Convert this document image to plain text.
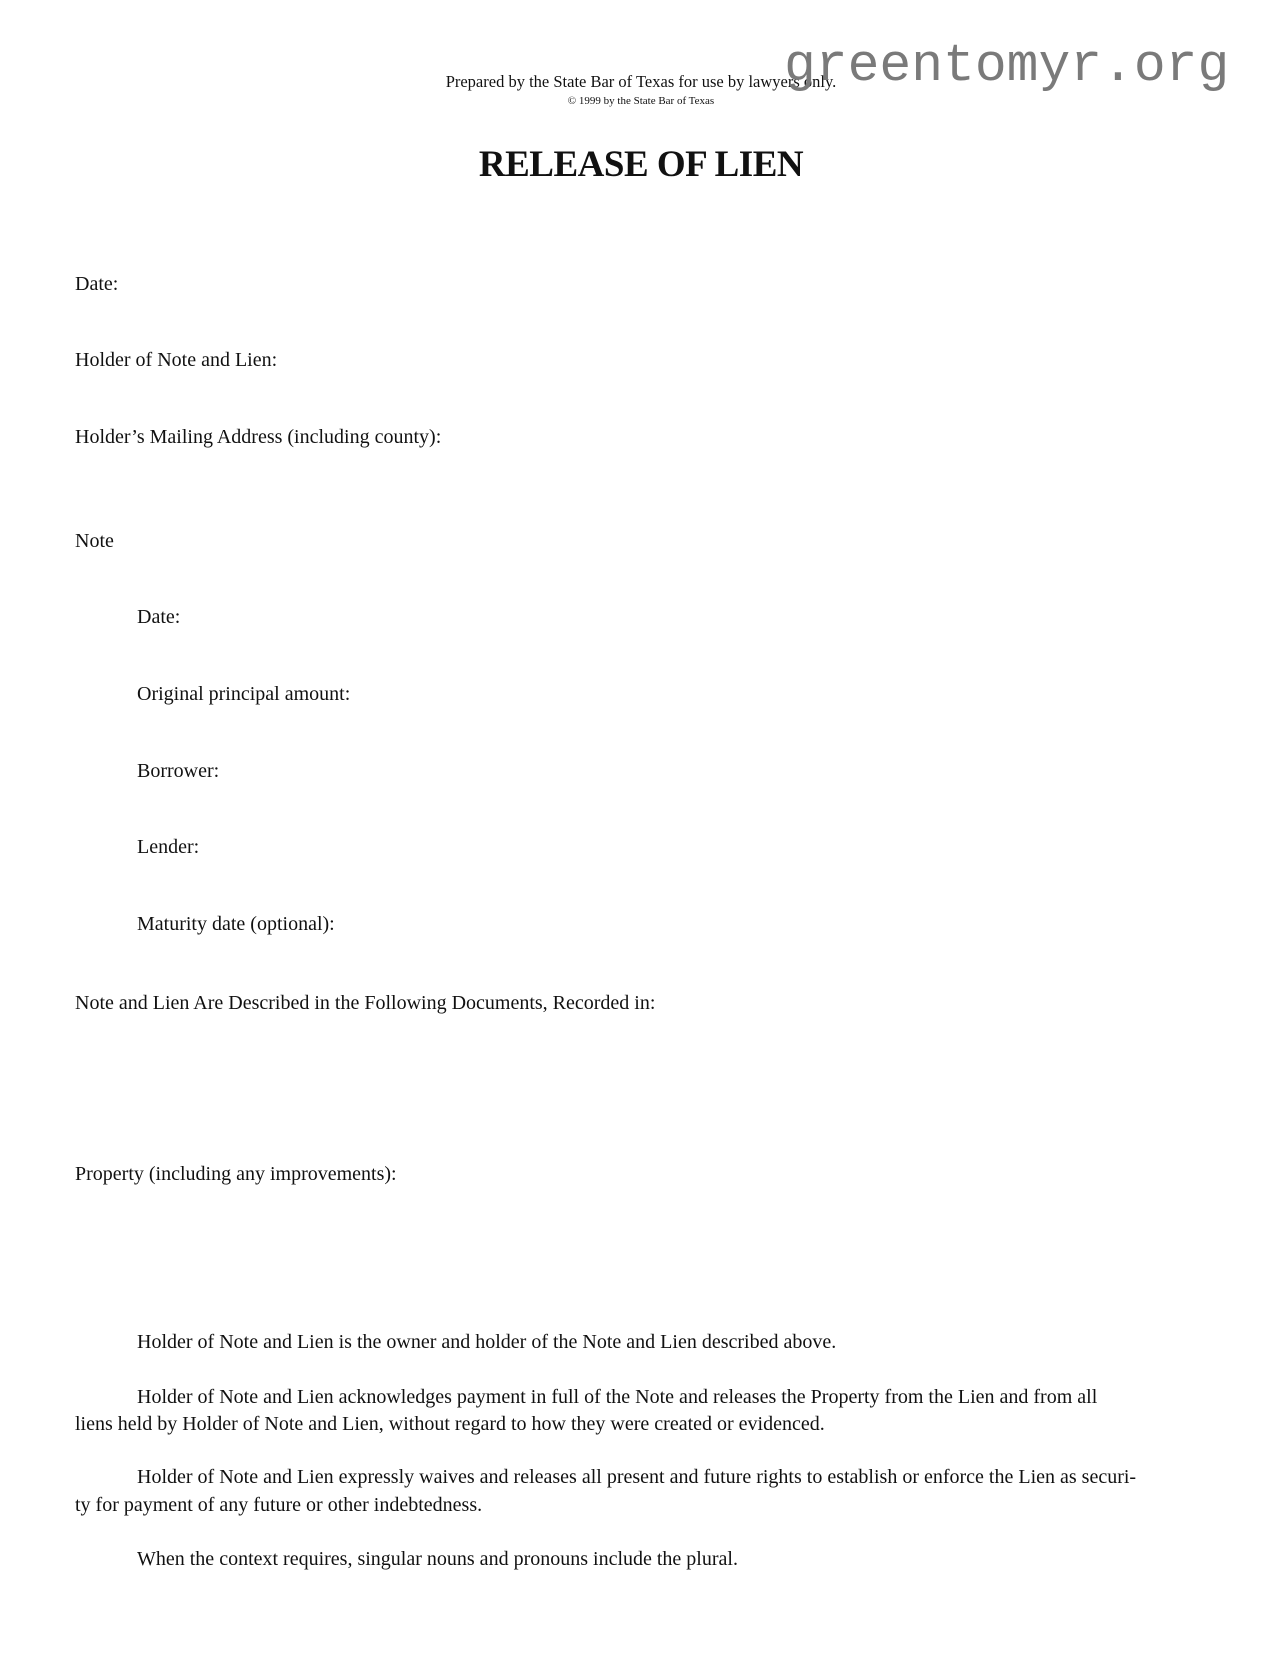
Prepared by the State Bar of Texas for use by lawyers only.
© 1999 by the State Bar of Texas
greentomyr.org
RELEASE OF LIEN
Date:
Holder of Note and Lien:
Holder’s Mailing Address (including county):
Note
Date:
Original principal amount:
Borrower:
Lender:
Maturity date (optional):
Note and Lien Are Described in the Following Documents, Recorded in:
Property (including any improvements):
Holder of Note and Lien is the owner and holder of the Note and Lien described above.
Holder of Note and Lien acknowledges payment in full of the Note and releases the Property from the Lien and from all
liens held by Holder of Note and Lien, without regard to how they were created or evidenced.
Holder of Note and Lien expressly waives and releases all present and future rights to establish or enforce the Lien as securi-
ty for payment of any future or other indebtedness.
When the context requires, singular nouns and pronouns include the plural.
